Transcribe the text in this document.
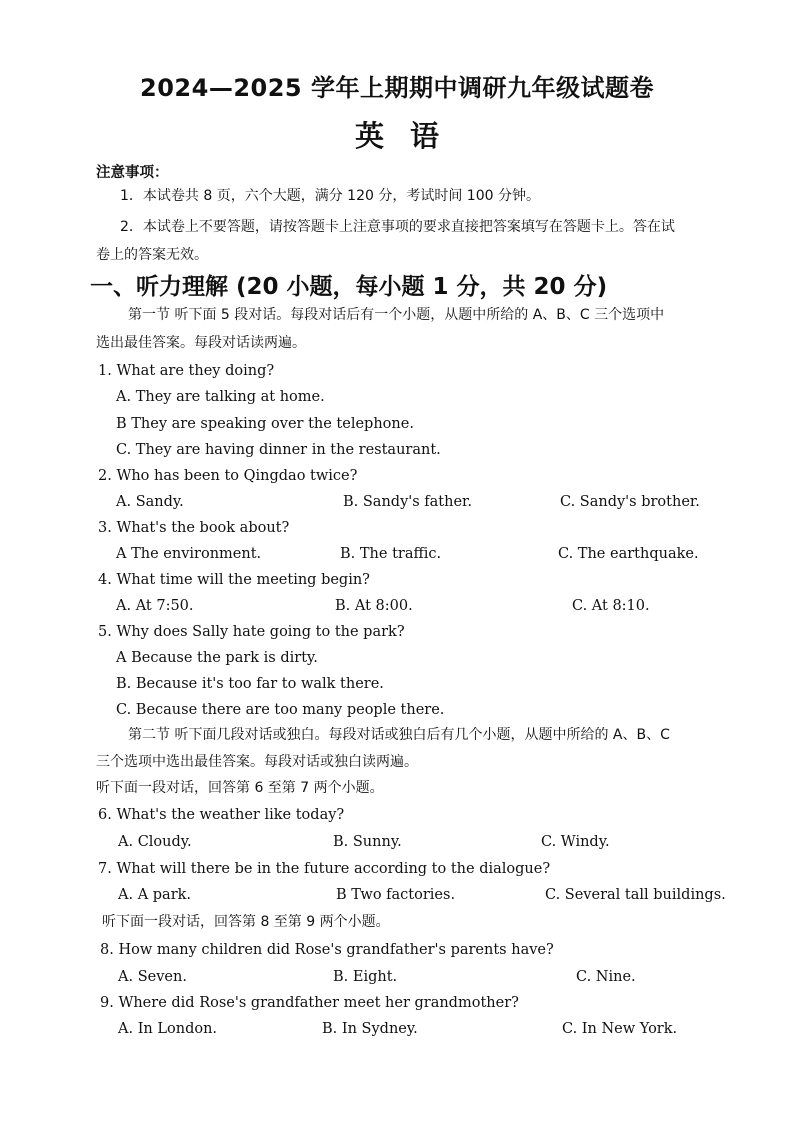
2024—2025 学年上期期中调研九年级试题卷
英语
注意事项：
1．本试卷共 8 页，六个大题，满分 120 分，考试时间 100 分钟。
2．本试卷上不要答题，请按答题卡上注意事项的要求直接把答案填写在答题卡上。答在试
卷上的答案无效。
一、听力理解 (20 小题，每小题 1 分，共 20 分)
第一节 听下面 5 段对话。每段对话后有一个小题，从题中所给的 A、B、C 三个选项中
选出最佳答案。每段对话读两遍。
1. What are they doing?
A. They are talking at home.
B They are speaking over the telephone.
C. They are having dinner in the restaurant.
2. Who has been to Qingdao twice?
A. Sandy.	B. Sandy's father.	C. Sandy's brother.
3. What's the book about?
A The environment.	B. The traffic.	C. The earthquake.
4. What time will the meeting begin?
A. At 7:50.	B. At 8:00.	C. At 8:10.
5. Why does Sally hate going to the park?
A Because the park is dirty.
B. Because it's too far to walk there.
C. Because there are too many people there.
第二节 听下面几段对话或独白。每段对话或独白后有几个小题，从题中所给的 A、B、C
三个选项中选出最佳答案。每段对话或独白读两遍。
听下面一段对话，回答第 6 至第 7 两个小题。
6. What's the weather like today?
A. Cloudy.	B. Sunny.	C. Windy.
7. What will there be in the future according to the dialogue?
A. A park.	B Two factories.	C. Several tall buildings.
听下面一段对话，回答第 8 至第 9 两个小题。
8. How many children did Rose's grandfather's parents have?
A. Seven.	B. Eight.	C. Nine.
9. Where did Rose's grandfather meet her grandmother?
A. In London.	B. In Sydney.	C. In New York.
